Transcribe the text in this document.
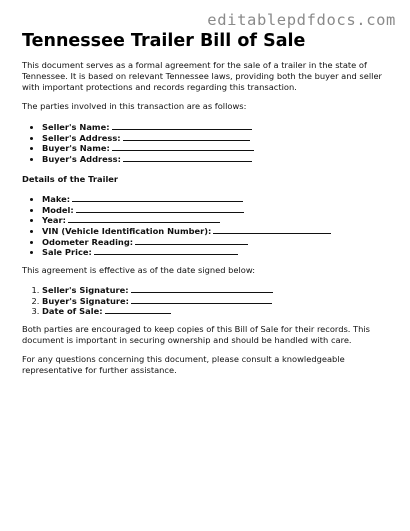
editablepdfdocs.com
Tennessee Trailer Bill of Sale

This document serves as a formal agreement for the sale of a trailer in the state of Tennessee. It is based on relevant Tennessee laws, providing both the buyer and seller with important protections and records regarding this transaction.

The parties involved in this transaction are as follows:

• Seller's Name:
• Seller's Address:
• Buyer's Name:
• Buyer's Address:
Details of the Trailer
• Make:
• Model:
• Year:
• VIN (Vehicle Identification Number):
• Odometer Reading:
• Sale Price:

This agreement is effective as of the date signed below:

1. Seller's Signature:
2. Buyer's Signature:
3. Date of Sale:

Both parties are encouraged to keep copies of this Bill of Sale for their records. This document is important in securing ownership and should be handled with care.

For any questions concerning this document, please consult a knowledgeable representative for further assistance.
